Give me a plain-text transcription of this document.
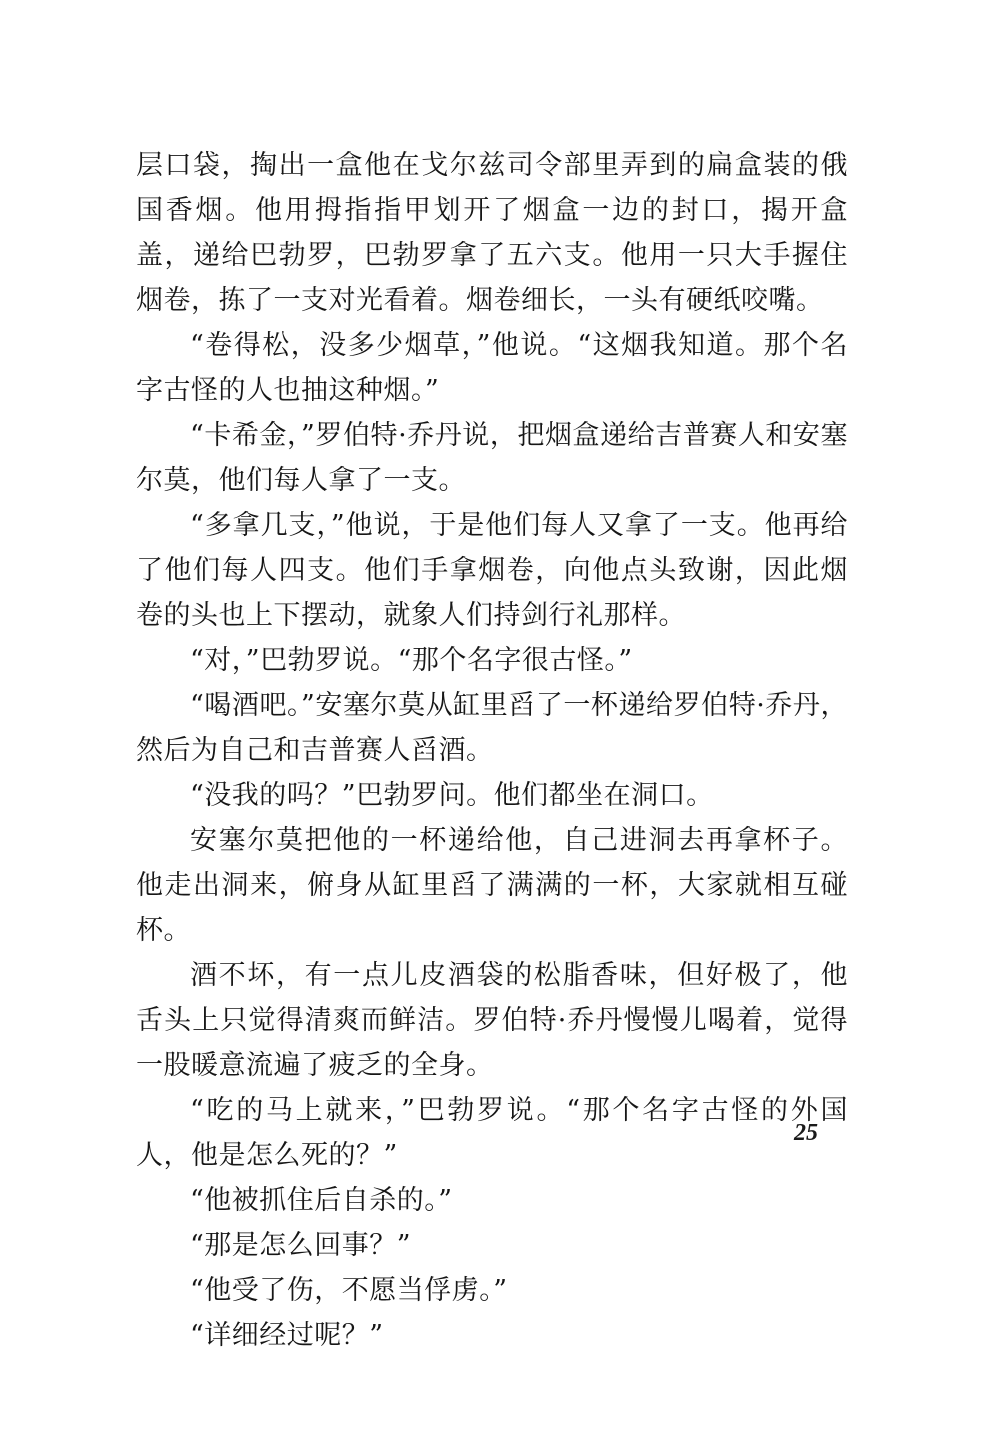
层口袋，掏出一盒他在戈尔兹司令部里弄到的扁盒装的俄国香烟。他用拇指指甲划开了烟盒一边的封口，揭开盒盖，递给巴勃罗，巴勃罗拿了五六支。他用一只大手握住烟卷，拣了一支对光看着。烟卷细长，一头有硬纸咬嘴。

“卷得松，没多少烟草，”他说。“这烟我知道。那个名字古怪的人也抽这种烟。”

“卡希金，”罗伯特·乔丹说，把烟盒递给吉普赛人和安塞尔莫，他们每人拿了一支。

“多拿几支，”他说，于是他们每人又拿了一支。他再给了他们每人四支。他们手拿烟卷，向他点头致谢，因此烟卷的头也上下摆动，就象人们持剑行礼那样。

“对，”巴勃罗说。“那个名字很古怪。”

“喝酒吧。”安塞尔莫从缸里舀了一杯递给罗伯特·乔丹，然后为自己和吉普赛人舀酒。

“没我的吗？”巴勃罗问。他们都坐在洞口。

安塞尔莫把他的一杯递给他，自己进洞去再拿杯子。他走出洞来，俯身从缸里舀了满满的一杯，大家就相互碰杯。

酒不坏，有一点儿皮酒袋的松脂香味，但好极了，他舌头上只觉得清爽而鲜洁。罗伯特·乔丹慢慢儿喝着，觉得一股暖意流遍了疲乏的全身。

“吃的马上就来，”巴勃罗说。“那个名字古怪的外国人，他是怎么死的？”

“他被抓住后自杀的。”

“那是怎么回事？”

“他受了伤，不愿当俘虏。”

“详细经过呢？”

25
